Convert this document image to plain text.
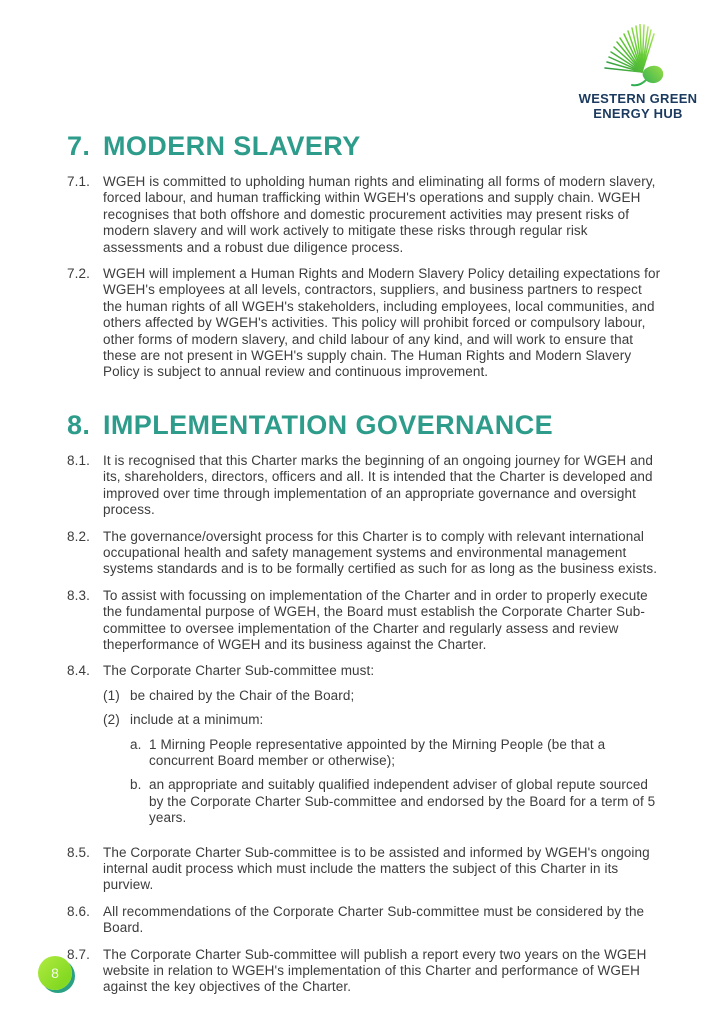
WESTERN GREEN
ENERGY HUB
7. MODERN SLAVERY
7.1. WGEH is committed to upholding human rights and eliminating all forms of modern slavery, forced labour, and human trafficking within WGEH's operations and supply chain. WGEH recognises that both offshore and domestic procurement activities may present risks of modern slavery and will work actively to mitigate these risks through regular risk assessments and a robust due diligence process.
7.2. WGEH will implement a Human Rights and Modern Slavery Policy detailing expectations for WGEH's employees at all levels, contractors, suppliers, and business partners to respect the human rights of all WGEH's stakeholders, including employees, local communities, and others affected by WGEH's activities. This policy will prohibit forced or compulsory labour, other forms of modern slavery, and child labour of any kind, and will work to ensure that these are not present in WGEH's supply chain. The Human Rights and Modern Slavery Policy is subject to annual review and continuous improvement.
8. IMPLEMENTATION GOVERNANCE
8.1. It is recognised that this Charter marks the beginning of an ongoing journey for WGEH and its, shareholders, directors, officers and all. It is intended that the Charter is developed and improved over time through implementation of an appropriate governance and oversight process.
8.2. The governance/oversight process for this Charter is to comply with relevant international occupational health and safety management systems and environmental management systems standards and is to be formally certified as such for as long as the business exists.
8.3. To assist with focussing on implementation of the Charter and in order to properly execute the fundamental purpose of WGEH, the Board must establish the Corporate Charter Sub-committee to oversee implementation of the Charter and regularly assess and review theperformance of WGEH and its business against the Charter.
8.4. The Corporate Charter Sub-committee must:
(1) be chaired by the Chair of the Board;
(2) include at a minimum:
a. 1 Mirning People representative appointed by the Mirning People (be that a concurrent Board member or otherwise);
b. an appropriate and suitably qualified independent adviser of global repute sourced by the Corporate Charter Sub-committee and endorsed by the Board for a term of 5 years.
8.5. The Corporate Charter Sub-committee is to be assisted and informed by WGEH's ongoing internal audit process which must include the matters the subject of this Charter in its purview.
8.6. All recommendations of the Corporate Charter Sub-committee must be considered by the Board.
8.7. The Corporate Charter Sub-committee will publish a report every two years on the WGEH website in relation to WGEH's implementation of this Charter and performance of WGEH against the key objectives of the Charter.
8
